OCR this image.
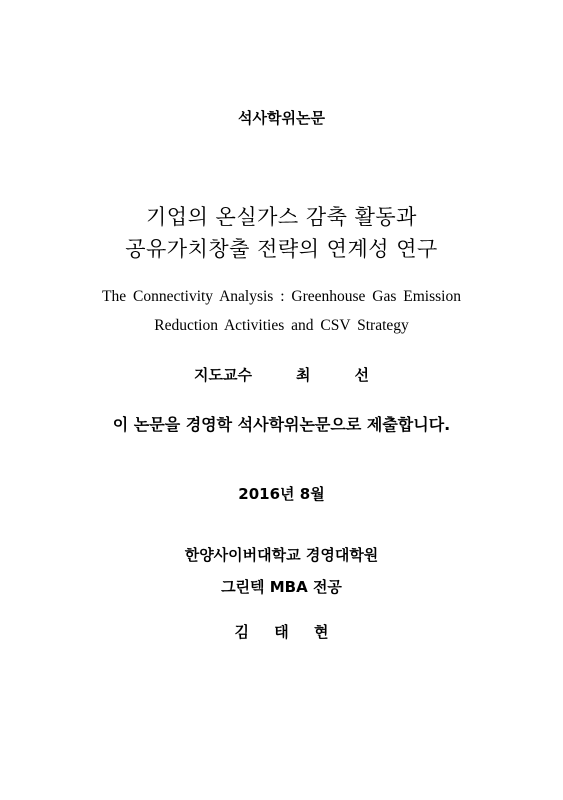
석사학위논문
기업의 온실가스 감축 활동과
공유가치창출 전략의 연계성 연구
The Connectivity Analysis : Greenhouse Gas Emission
Reduction Activities and CSV Strategy
지도교수	최	선
이 논문을 경영학 석사학위논문으로 제출합니다.
2016년 8월
한양사이버대학교 경영대학원
그린텍 MBA 전공
김 태 현
